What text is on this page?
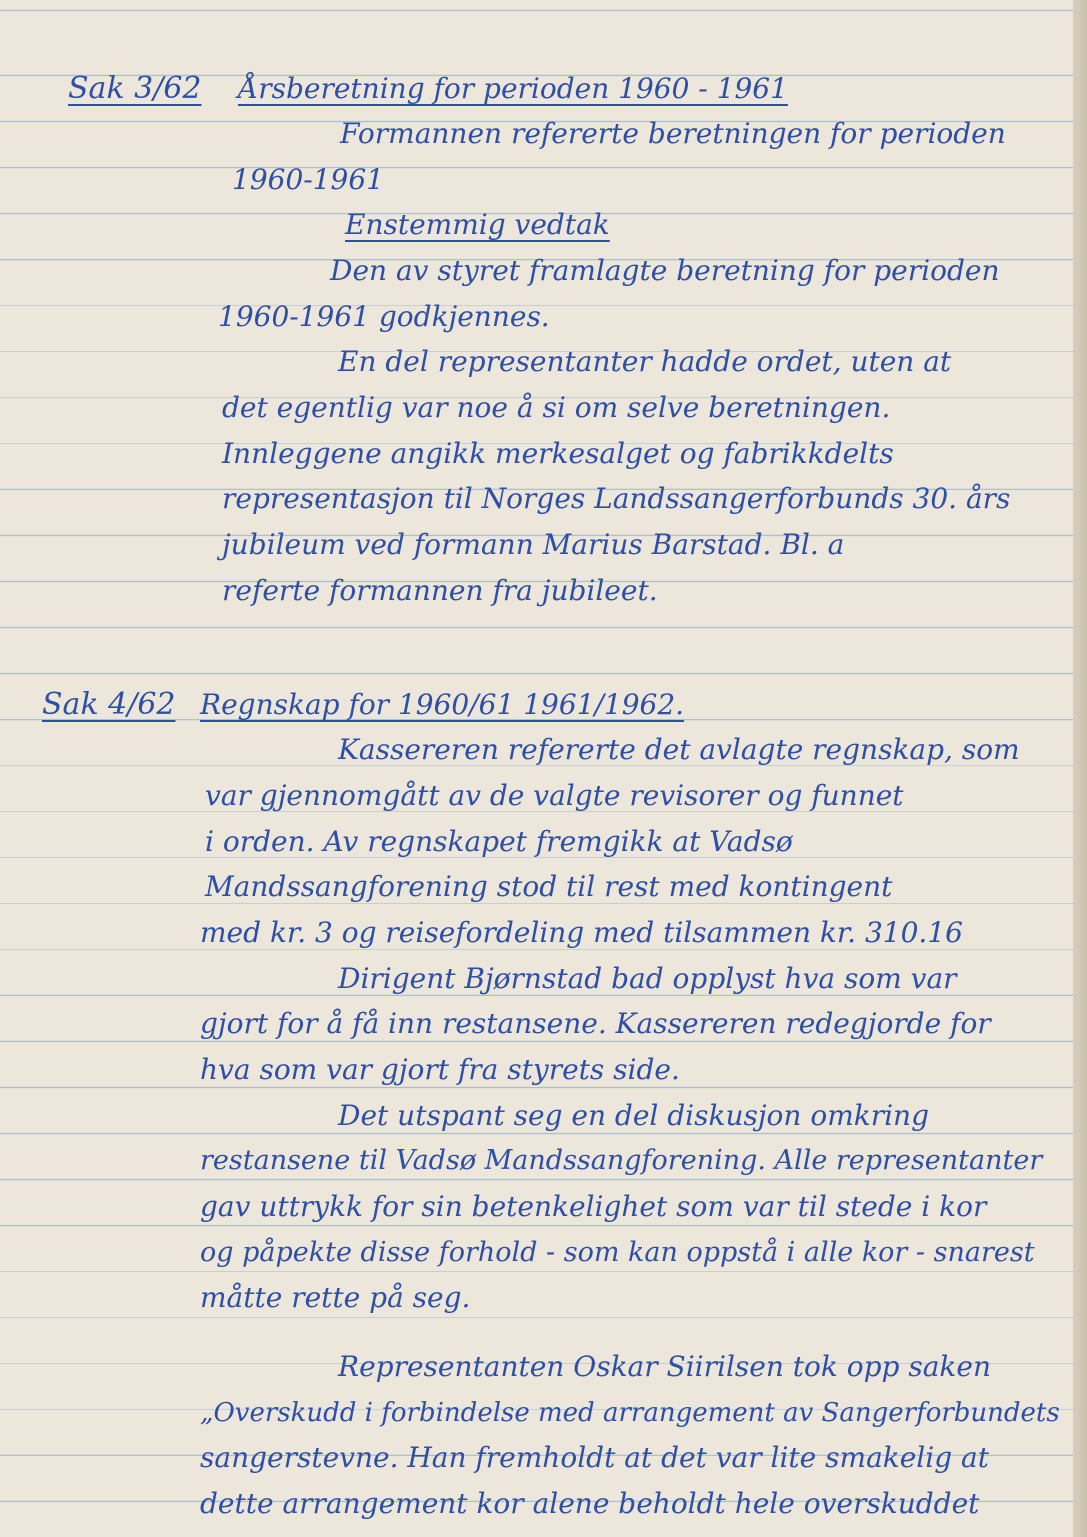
Sak 3/62 Årsberetning for perioden 1960 - 1961
Formannen refererte beretningen for perioden
1960-1961
Enstemmig vedtak
Den av styret framlagte beretning for perioden
1960-1961 godkjennes.
En del representanter hadde ordet, uten at
det egentlig var noe å si om selve beretningen.
Innleggene angikk merkesalget og fabrikkdelts
representasjon til Norges Landssangerforbunds 30. års
jubileum ved formann Marius Barstad. Bl. a
referte formannen fra jubileet.
Sak 4/62 Regnskap for 1960/61 1961/1962.
Kassereren refererte det avlagte regnskap, som
var gjennomgått av de valgte revisorer og funnet
i orden. Av regnskapet fremgikk at Vadsø
Mandssangforening stod til rest med kontingent
med kr. 3 og reisefordeling med tilsammen kr. 310.16
Dirigent Bjørnstad bad opplyst hva som var
gjort for å få inn restansene. Kassereren redegjorde for
hva som var gjort fra styrets side.
Det utspant seg en del diskusjon omkring
restansene til Vadsø Mandssangforening. Alle representanter
gav uttrykk for sin betenkelighet som var til stede i kor
og påpekte disse forhold - som kan oppstå i alle kor - snarest
måtte rette på seg.
Representanten Oskar Siirilsen tok opp saken
„Overskudd i forbindelse med arrangement av Sangerforbundets
sangerstevne. Han fremholdt at det var lite smakelig at
dette arrangement kor alene beholdt hele overskuddet
